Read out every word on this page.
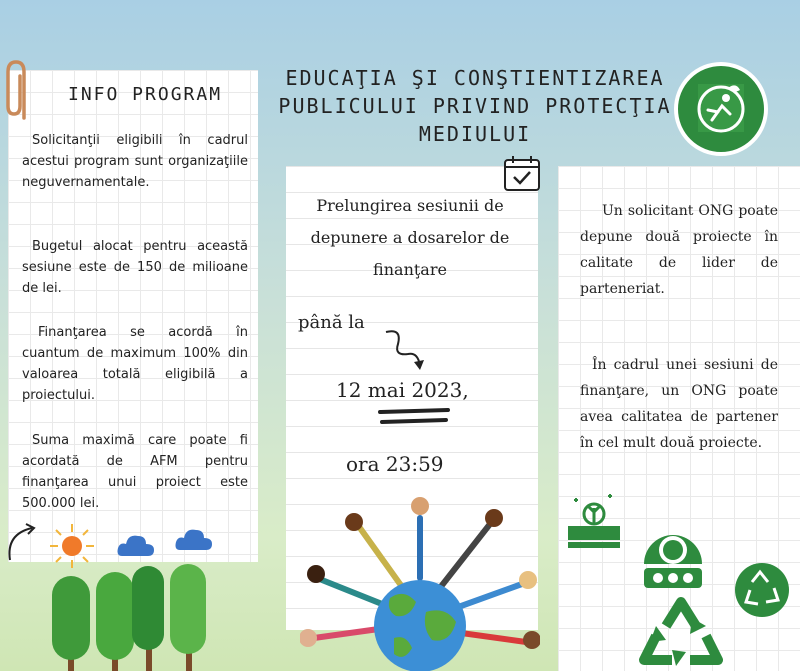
INFO PROGRAM
Solicitanţii eligibili în cadrul acestui program sunt organizaţiile neguvernamentale.
Bugetul alocat pentru această sesiune este de 150 de milioane de lei.
Finanţarea se acordă în cuantum de maximum 100% din valoarea totală eligibilă a proiectului.
Suma maximă care poate fi acordată de AFM pentru finanţarea unui proiect este 500.000 lei.
EDUCAŢIA ŞI CONŞTIENTIZAREA PUBLICULUI PRIVIND PROTECŢIA MEDIULUI
Prelungirea sesiunii de depunere a dosarelor de finanţare
până la
12 mai 2023,
ora 23:59
Un solicitant ONG poate depune două proiecte în calitate de lider de parteneriat.
În cadrul unei sesiuni de finanţare, un ONG poate avea calitatea de partener în cel mult două proiecte.
